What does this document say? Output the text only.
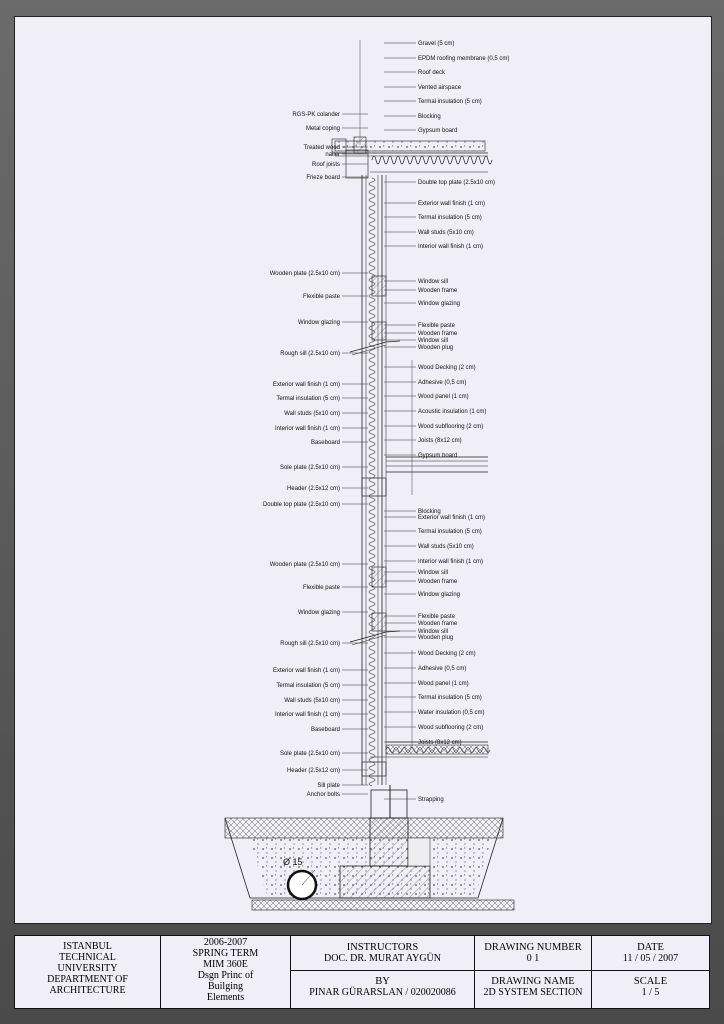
Ø 15
RGS-PK colander
Metal coping
Treated wood
nailer
Roof joists
Frieze board
Wooden plate (2.5x10 cm)
Flexible paste
Window glazing
Rough sill (2.5x10 cm)
Exterior wall finish (1 cm)
Termal insulation (5 cm)
Wall studs (5x10 cm)
Interior wall finish (1 cm)
Baseboard
Sole plate (2.5x10 cm)
Header (2.5x12 cm)
Double top plate (2.5x10 cm)
Wooden plate (2.5x10 cm)
Flexible paste
Window glazing
Rough sill (2.5x10 cm)
Exterior wall finish (1 cm)
Termal insulation (5 cm)
Wall studs (5x10 cm)
Interior wall finish (1 cm)
Baseboard
Sole plate (2.5x10 cm)
Header (2.5x12 cm)
Sill plate
Anchor bolts
Gravel (5 cm)
EPDM roofing membrane (0,5 cm)
Roof deck
Vented airspace
Termal insulation (5 cm)
Blocking
Gypsum board
Double top plate (2.5x10 cm)
Exterior wall finish (1 cm)
Termal insulation (5 cm)
Wall studs (5x10 cm)
Interior wall finish (1 cm)
Window sill
Wooden frame
Window glazing
Flexible paste
Wooden frame
Window sill
Wooden plug
Wood Decking (2 cm)
Adhesive (0,5 cm)
Wood panel (1 cm)
Acoustic insulation (1 cm)
Wood subflooring (2 cm)
Joists (8x12 cm)
Gypsum board
Blocking
Exterior wall finish (1 cm)
Termal insulation (5 cm)
Wall studs (5x10 cm)
Interior wall finish (1 cm)
Window sill
Wooden frame
Window glazing
Flexible paste
Wooden frame
Window sill
Wooden plug
Wood Decking (2 cm)
Adhesive (0,5 cm)
Wood panel (1 cm)
Termal insulation (5 cm)
Water insulation (0,5 cm)
Wood subflooring (2 cm)
Joists (8x12 cm)
Strapping
ISTANBUL
TECHNICAL
UNIVERSITY
DEPARTMENT OF
ARCHITECTURE
2006-2007
SPRING TERM
MIM 360E
Dsgn Princ of
Builging
Elements
INSTRUCTORS
DOC. DR. MURAT AYGÜN
BY
PINAR GÜRARSLAN / 020020086
DRAWING NUMBER
0 1
DRAWING NAME
2D SYSTEM SECTION
DATE
11 / 05 / 2007
SCALE
1 / 5
